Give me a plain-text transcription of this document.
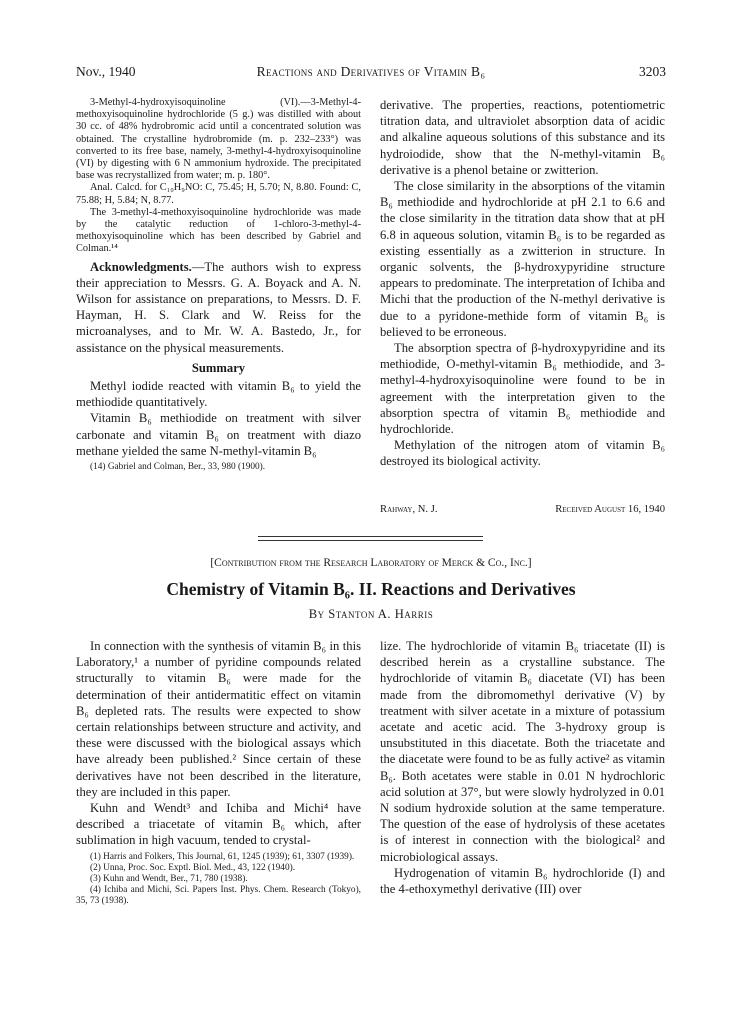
Nov., 1940	Reactions and Derivatives of Vitamin B₆	3203

3-Methyl-4-hydroxyisoquinoline (VI).—3-Methyl-4-methoxyisoquinoline hydrochloride (5 g.) was distilled with about 30 cc. of 48% hydrobromic acid until a concentrated solution was obtained. The crystalline hydrobromide (m. p. 232–233°) was converted to its free base, namely, 3-methyl-4-hydroxyisoquinoline (VI) by digesting with 6 N ammonium hydroxide. The precipitated base was recrystallized from water; m. p. 180°.

Anal. Calcd. for C₁₀H₉NO: C, 75.45; H, 5.70; N, 8.80. Found: C, 75.88; H, 5.84; N, 8.77.

The 3-methyl-4-methoxyisoquinoline hydrochloride was made by the catalytic reduction of 1-chloro-3-methyl-4-methoxyisoquinoline which has been described by Gabriel and Colman.¹⁴

Acknowledgments.—The authors wish to express their appreciation to Messrs. G. A. Boyack and A. N. Wilson for assistance on preparations, to Messrs. D. F. Hayman, H. S. Clark and W. Reiss for the microanalyses, and to Mr. W. A. Bastedo, Jr., for assistance on the physical measurements.

Summary

Methyl iodide reacted with vitamin B₆ to yield the methiodide quantitatively.

Vitamin B₆ methiodide on treatment with silver carbonate and vitamin B₆ on treatment with diazo methane yielded the same N-methyl-vitamin B₆

(14) Gabriel and Colman, Ber., 33, 980 (1900).

derivative. The properties, reactions, potentiometric titration data, and ultraviolet absorption data of acidic and alkaline aqueous solutions of this substance and its hydroiodide, show that the N-methyl-vitamin B₆ derivative is a phenol betaine or zwitterion.

The close similarity in the absorptions of the vitamin B₆ methiodide and hydrochloride at pH 2.1 to 6.6 and the close similarity in the titration data show that at pH 6.8 in aqueous solution, vitamin B₆ is to be regarded as existing essentially as a zwitterion in structure. In organic solvents, the β-hydroxypyridine structure appears to predominate. The interpretation of Ichiba and Michi that the production of the N-methyl derivative is due to a pyridone-methide form of vitamin B₆ is believed to be erroneous.

The absorption spectra of β-hydroxypyridine and its methiodide, O-methyl-vitamin B₆ methiodide, and 3-methyl-4-hydroxyisoquinoline were found to be in agreement with the interpretation given to the absorption spectra of vitamin B₆ methiodide and hydrochloride.

Methylation of the nitrogen atom of vitamin B₆ destroyed its biological activity.

Rahway, N. J.	Received August 16, 1940
[Contribution from the Research Laboratory of Merck & Co., Inc.]
Chemistry of Vitamin B₆. II. Reactions and Derivatives
By Stanton A. Harris

In connection with the synthesis of vitamin B₆ in this Laboratory,¹ a number of pyridine compounds related structurally to vitamin B₆ were made for the determination of their antidermatitic effect on vitamin B₆ depleted rats. The results were expected to show certain relationships between structure and activity, and these were discussed with the biological assays which have already been published.² Since certain of these derivatives have not been described in the literature, they are included in this paper.

Kuhn and Wendt³ and Ichiba and Michi⁴ have described a triacetate of vitamin B₆ which, after sublimation in high vacuum, tended to crystal-

(1) Harris and Folkers, This Journal, 61, 1245 (1939); 61, 3307 (1939).

(2) Unna, Proc. Soc. Exptl. Biol. Med., 43, 122 (1940).

(3) Kuhn and Wendt, Ber., 71, 780 (1938).

(4) Ichiba and Michi, Sci. Papers Inst. Phys. Chem. Research (Tokyo), 35, 73 (1938).

lize. The hydrochloride of vitamin B₆ triacetate (II) is described herein as a crystalline substance. The hydrochloride of vitamin B₆ diacetate (VI) has been made from the dibromomethyl derivative (V) by treatment with silver acetate in a mixture of potassium acetate and acetic acid. The 3-hydroxy group is unsubstituted in this diacetate. Both the triacetate and the diacetate were found to be as fully active² as vitamin B₆. Both acetates were stable in 0.01 N hydrochloric acid solution at 37°, but were slowly hydrolyzed in 0.01 N sodium hydroxide solution at the same temperature. The question of the ease of hydrolysis of these acetates is of interest in connection with the biological² and microbiological assays.

Hydrogenation of vitamin B₆ hydrochloride (I) and the 4-ethoxymethyl derivative (III) over
